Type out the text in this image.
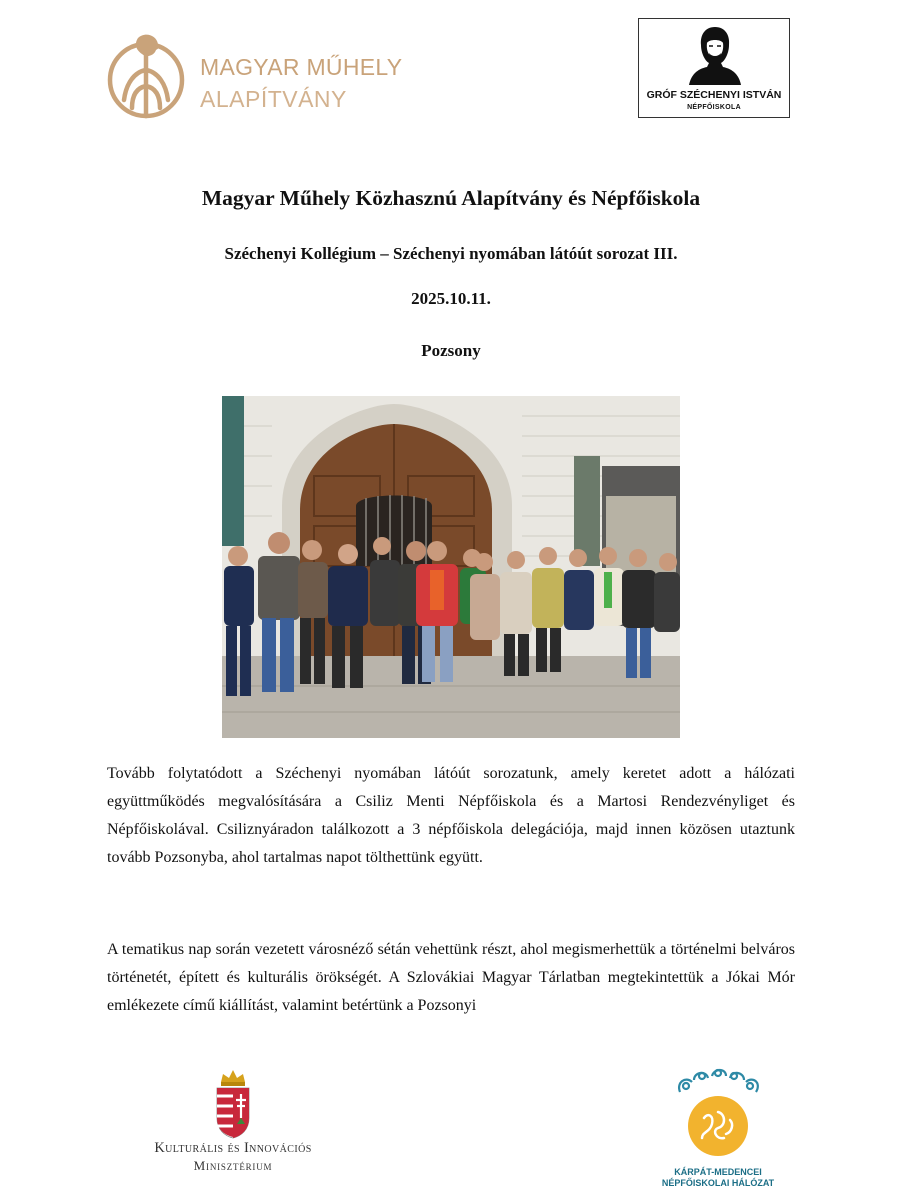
MAGYAR MŰHELY
ALAPÍTVÁNY	GRÓF SZÉCHENYI ISTVÁN
NÉPFŐISKOLA
Magyar Műhely Közhasznú Alapítvány és Népfőiskola
Széchenyi Kollégium – Széchenyi nyomában látóút sorozat III.
2025.10.11.
Pozsony

Tovább folytatódott a Széchenyi nyomában látóút sorozatunk, amely keretet adott a hálózati együttműködés megvalósítására a Csiliz Menti Népfőiskola és a Martosi Rendezvényliget és Népfőiskolával. Csiliznyáradon találkozott a 3 népfőiskola delegációja, majd innen közösen utaztunk tovább Pozsonyba, ahol tartalmas napot tölthettünk együtt.

A tematikus nap során vezetett városnéző sétán vehettünk részt, ahol megismerhettük a történelmi belváros történetét, épített és kulturális örökségét. A Szlovákiai Magyar Tárlatban megtekintettük a Jókai Mór emlékezete című kiállítást, valamint betértünk a Pozsonyi

Kulturális és Innovációs
Minisztérium	KÁRPÁT-MEDENCEI
NÉPFŐISKOLAI HÁLÓZAT
